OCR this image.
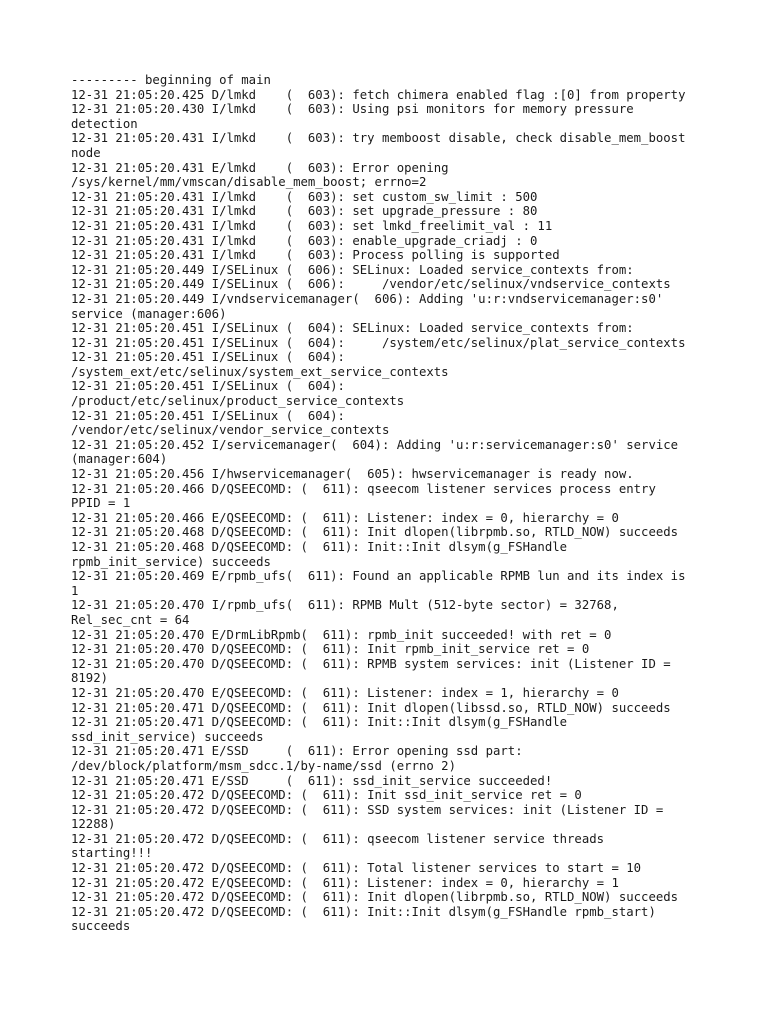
--------- beginning of main
12-31 21:05:20.425 D/lmkd    (  603): fetch chimera enabled flag :[0] from property
12-31 21:05:20.430 I/lmkd    (  603): Using psi monitors for memory pressure
detection
12-31 21:05:20.431 I/lmkd    (  603): try memboost disable, check disable_mem_boost
node
12-31 21:05:20.431 E/lmkd    (  603): Error opening
/sys/kernel/mm/vmscan/disable_mem_boost; errno=2
12-31 21:05:20.431 I/lmkd    (  603): set custom_sw_limit : 500
12-31 21:05:20.431 I/lmkd    (  603): set upgrade_pressure : 80
12-31 21:05:20.431 I/lmkd    (  603): set lmkd_freelimit_val : 11
12-31 21:05:20.431 I/lmkd    (  603): enable_upgrade_criadj : 0
12-31 21:05:20.431 I/lmkd    (  603): Process polling is supported
12-31 21:05:20.449 I/SELinux (  606): SELinux: Loaded service_contexts from:
12-31 21:05:20.449 I/SELinux (  606):     /vendor/etc/selinux/vndservice_contexts
12-31 21:05:20.449 I/vndservicemanager(  606): Adding 'u:r:vndservicemanager:s0'
service (manager:606)
12-31 21:05:20.451 I/SELinux (  604): SELinux: Loaded service_contexts from:
12-31 21:05:20.451 I/SELinux (  604):     /system/etc/selinux/plat_service_contexts
12-31 21:05:20.451 I/SELinux (  604):
/system_ext/etc/selinux/system_ext_service_contexts
12-31 21:05:20.451 I/SELinux (  604):
/product/etc/selinux/product_service_contexts
12-31 21:05:20.451 I/SELinux (  604):
/vendor/etc/selinux/vendor_service_contexts
12-31 21:05:20.452 I/servicemanager(  604): Adding 'u:r:servicemanager:s0' service
(manager:604)
12-31 21:05:20.456 I/hwservicemanager(  605): hwservicemanager is ready now.
12-31 21:05:20.466 D/QSEECOMD: (  611): qseecom listener services process entry
PPID = 1
12-31 21:05:20.466 E/QSEECOMD: (  611): Listener: index = 0, hierarchy = 0
12-31 21:05:20.468 D/QSEECOMD: (  611): Init dlopen(librpmb.so, RTLD_NOW) succeeds
12-31 21:05:20.468 D/QSEECOMD: (  611): Init::Init dlsym(g_FSHandle
rpmb_init_service) succeeds
12-31 21:05:20.469 E/rpmb_ufs(  611): Found an applicable RPMB lun and its index is
1
12-31 21:05:20.470 I/rpmb_ufs(  611): RPMB Mult (512-byte sector) = 32768,
Rel_sec_cnt = 64
12-31 21:05:20.470 E/DrmLibRpmb(  611): rpmb_init succeeded! with ret = 0
12-31 21:05:20.470 D/QSEECOMD: (  611): Init rpmb_init_service ret = 0
12-31 21:05:20.470 D/QSEECOMD: (  611): RPMB system services: init (Listener ID =
8192)
12-31 21:05:20.470 E/QSEECOMD: (  611): Listener: index = 1, hierarchy = 0
12-31 21:05:20.471 D/QSEECOMD: (  611): Init dlopen(libssd.so, RTLD_NOW) succeeds
12-31 21:05:20.471 D/QSEECOMD: (  611): Init::Init dlsym(g_FSHandle
ssd_init_service) succeeds
12-31 21:05:20.471 E/SSD     (  611): Error opening ssd part:
/dev/block/platform/msm_sdcc.1/by-name/ssd (errno 2)
12-31 21:05:20.471 E/SSD     (  611): ssd_init_service succeeded!
12-31 21:05:20.472 D/QSEECOMD: (  611): Init ssd_init_service ret = 0
12-31 21:05:20.472 D/QSEECOMD: (  611): SSD system services: init (Listener ID =
12288)
12-31 21:05:20.472 D/QSEECOMD: (  611): qseecom listener service threads
starting!!!
12-31 21:05:20.472 D/QSEECOMD: (  611): Total listener services to start = 10
12-31 21:05:20.472 E/QSEECOMD: (  611): Listener: index = 0, hierarchy = 1
12-31 21:05:20.472 D/QSEECOMD: (  611): Init dlopen(librpmb.so, RTLD_NOW) succeeds
12-31 21:05:20.472 D/QSEECOMD: (  611): Init::Init dlsym(g_FSHandle rpmb_start)
succeeds
